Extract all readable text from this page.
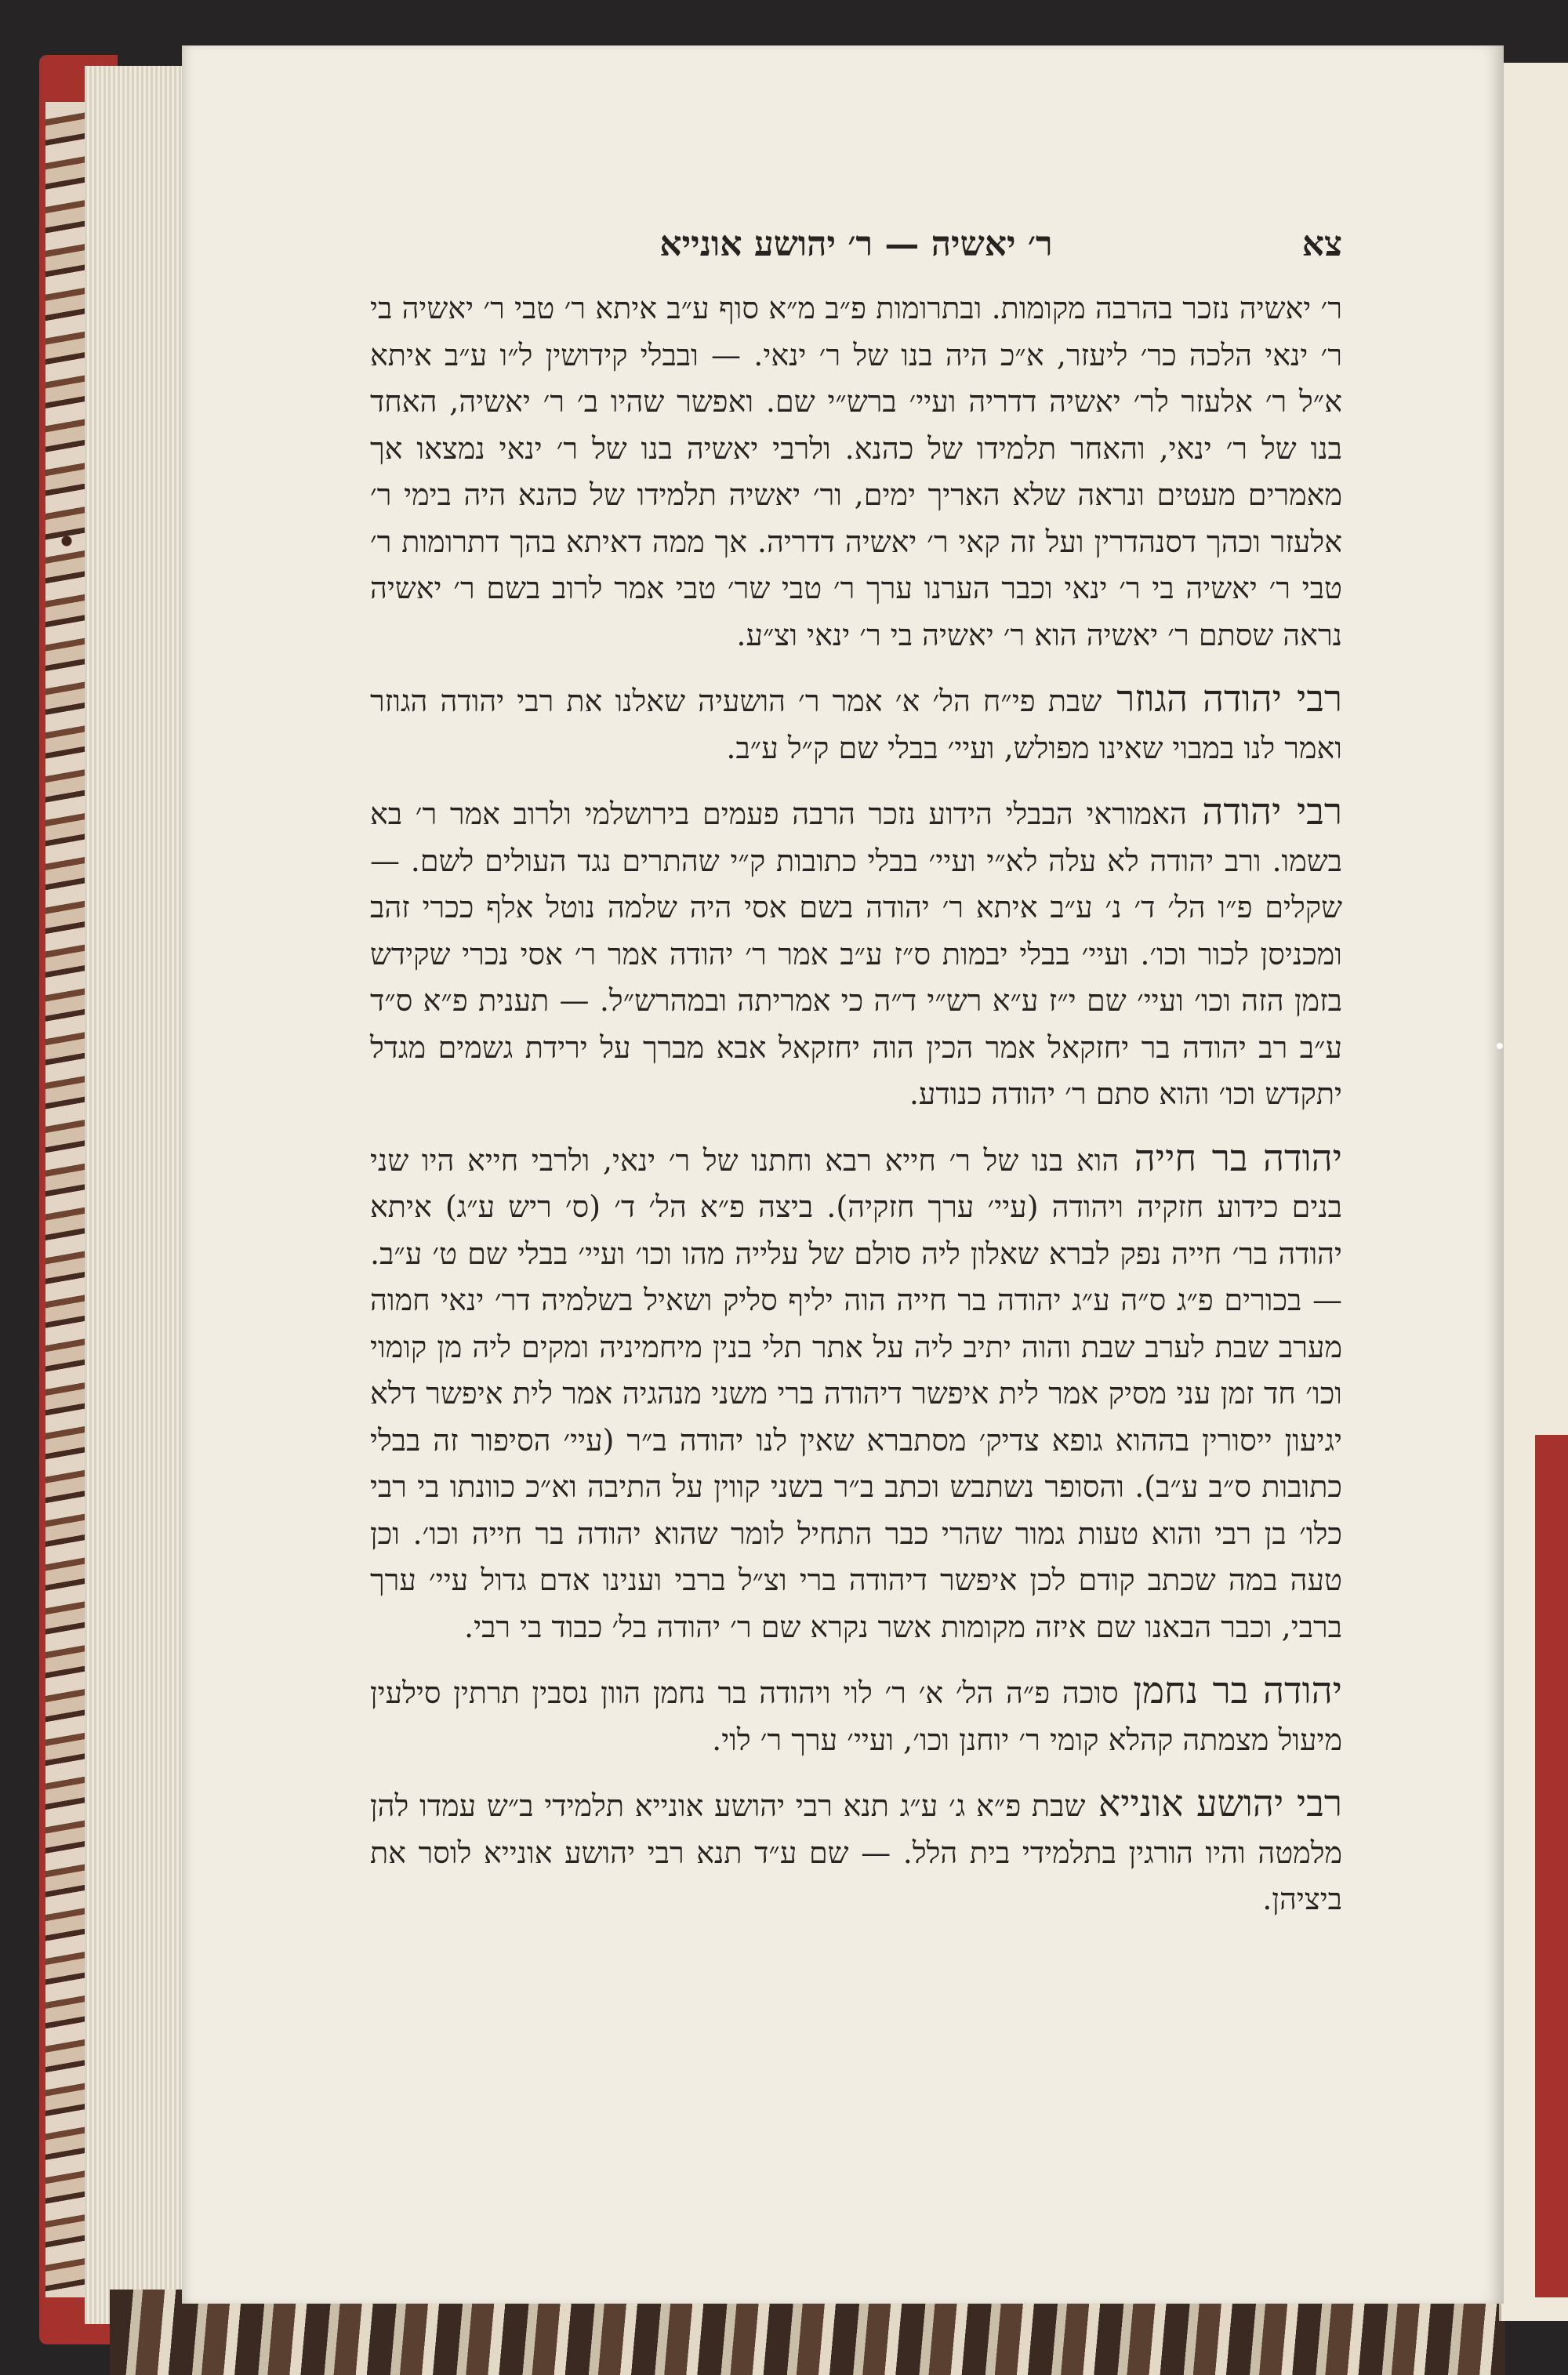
צא
ר׳ יאשיה — ר׳ יהושע אונייא

ר׳ יאשיה נזכר בהרבה מקומות. ובתרומות פ״ב מ״א סוף ע״ב איתא ר׳ טבי ר׳ יאשיה בי ר׳ ינאי הלכה כר׳ ליעזר, א״כ היה בנו של ר׳ ינאי. — ובבלי קידושין ל״ו ע״ב איתא א״ל ר׳ אלעזר לר׳ יאשיה דדריה ועיי׳ ברש״י שם. ואפשר שהיו ב׳ ר׳ יאשיה, האחד בנו של ר׳ ינאי, והאחר תלמידו של כהנא. ולרבי יאשיה בנו של ר׳ ינאי נמצאו אך מאמרים מעטים ונראה שלא האריך ימים, ור׳ יאשיה תלמידו של כהנא היה בימי ר׳ אלעזר וכהך דסנהדרין ועל זה קאי ר׳ יאשיה דדריה. אך ממה דאיתא בהך דתרומות ר׳ טבי ר׳ יאשיה בי ר׳ ינאי וכבר הערנו ערך ר׳ טבי שר׳ טבי אמר לרוב בשם ר׳ יאשיה נראה שסתם ר׳ יאשיה הוא ר׳ יאשיה בי ר׳ ינאי וצ״ע.

רבי יהודה הגוזר שבת פי״ח הל׳ א׳ אמר ר׳ הושעיה שאלנו את רבי יהודה הגוזר ואמר לנו במבוי שאינו מפולש, ועיי׳ בבלי שם ק״ל ע״ב.

רבי יהודה האמוראי הבבלי הידוע נזכר הרבה פעמים בירושלמי ולרוב אמר ר׳ בא בשמו. ורב יהודה לא עלה לא״י ועיי׳ בבלי כתובות ק״י שהתרים נגד העולים לשם. — שקלים פ״ו הל׳ ד׳ נ׳ ע״ב איתא ר׳ יהודה בשם אסי היה שלמה נוטל אלף ככרי זהב ומכניסן לכור וכו׳. ועיי׳ בבלי יבמות ס״ז ע״ב אמר ר׳ יהודה אמר ר׳ אסי נכרי שקידש בזמן הזה וכו׳ ועיי׳ שם י״ז ע״א רש״י ד״ה כי אמריתה ובמהרש״ל. — תענית פ״א ס״ד ע״ב רב יהודה בר יחזקאל אמר הכין הוה יחזקאל אבא מברך על ירידת גשמים מגדל יתקדש וכו׳ והוא סתם ר׳ יהודה כנודע.

יהודה בר חייה הוא בנו של ר׳ חייא רבא וחתנו של ר׳ ינאי, ולרבי חייא היו שני בנים כידוע חזקיה ויהודה (עיי׳ ערך חזקיה). ביצה פ״א הל׳ ד׳ (ס׳ ריש ע״ג) איתא יהודה בר׳ חייה נפק לברא שאלון ליה סולם של עלייה מהו וכו׳ ועיי׳ בבלי שם ט׳ ע״ב. — בכורים פ״ג ס״ה ע״ג יהודה בר חייה הוה יליף סליק ושאיל בשלמיה דר׳ ינאי חמוה מערב שבת לערב שבת והוה יתיב ליה על אתר תלי בנין מיחמיניה ומקים ליה מן קומוי וכו׳ חד זמן עני מסיק אמר לית איפשר דיהודה ברי משני מנהגיה אמר לית איפשר דלא יגיעון ייסורין בההוא גופא צדיק׳ מסתברא שאין לנו יהודה ב״ר (עיי׳ הסיפור זה בבלי כתובות ס״ב ע״ב). והסופר נשתבש וכתב ב״ר בשני קווין על התיבה וא״כ כוונתו בי רבי כלו׳ בן רבי והוא טעות גמור שהרי כבר התחיל לומר שהוא יהודה בר חייה וכו׳. וכן טעה במה שכתב קודם לכן איפשר דיהודה ברי וצ״ל ברבי וענינו אדם גדול עיי׳ ערך ברבי, וכבר הבאנו שם איזה מקומות אשר נקרא שם ר׳ יהודה בל׳ כבוד בי רבי.

יהודה בר נחמן סוכה פ״ה הל׳ א׳ ר׳ לוי ויהודה בר נחמן הוון נסבין תרתין סילעין מיעול מצמתה קהלא קומי ר׳ יוחנן וכו׳, ועיי׳ ערך ר׳ לוי.

רבי יהושע אונייא שבת פ״א ג׳ ע״ג תנא רבי יהושע אונייא תלמידי ב״ש עמדו להן מלמטה והיו הורגין בתלמידי בית הלל. — שם ע״ד תנא רבי יהושע אונייא לוסר את ביציהן.
